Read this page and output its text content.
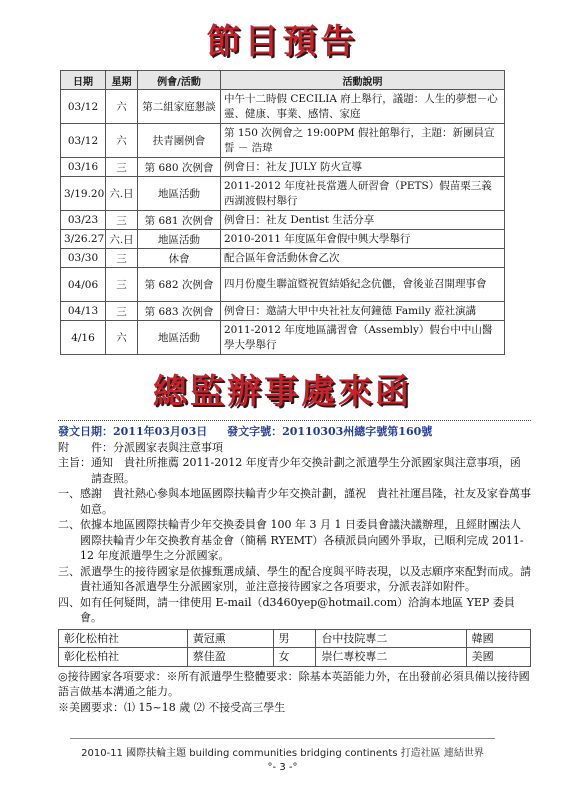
節目預告
日期	星期	例會/活動	活動說明
03/12	六	第二組家庭懇談	中午十二時假 CECILIA 府上舉行，議題：人生的夢想－心靈、健康、事業、感情、家庭
03/12	六	扶青團例會	第 150 次例會之 19:00PM 假社館舉行，主題：新團員宣誓 － 浩瑋
03/16	三	第 680 次例會	例會日：社友 JULY 防火宣導
3/19.20	六.日	地區活動	2011-2012 年度社長當選人研習會（PETS）假苗栗三義西湖渡假村舉行
03/23	三	第 681 次例會	例會日：社友 Dentist 生活分享
3/26.27	六.日	地區活動	2010-2011 年度區年會假中興大學舉行
03/30	三	休會	配合區年會活動休會乙次
04/06	三	第 682 次例會	四月份慶生聯誼暨祝賀結婚紀念伉儷，會後並召開理事會
04/13	三	第 683 次例會	例會日：邀請大甲中央社社友何鐘德 Family 蒞社演講
4/16	六	地區活動	2011-2012 年度地區講習會（Assembly）假台中中山醫學大學舉行
總監辦事處來函
發文日期：2011年03月03日 發文字號：20110303州總字號第160號
附　　件： 分派國家表與注意事項
主旨： 通知　貴社所推薦 2011-2012 年度青少年交換計劃之派遣學生分派國家與注意事項，函請查照。
一、 感謝　貴社熱心參與本地區國際扶輪青少年交換計劃，謹祝　貴社社運昌隆，社友及家眷萬事如意。
二、 依據本地區國際扶輪青少年交換委員會 100 年 3 月 1 日委員會議決議辦理，且經財團法人國際扶輪青少年交換教育基金會（簡稱 RYEMT）各積派員向國外爭取，已順利完成 2011-12 年度派遣學生之分派國家。
三、 派遣學生的接待國家是依據甄選成績、學生的配合度與平時表現，以及志願序來配對而成。請　貴社通知各派遣學生分派國家別，並注意接待國家之各項要求，分派表詳如附件。
四、 如有任何疑問，請一律使用 E-mail（d3460yep@hotmail.com）洽詢本地區 YEP 委員會。
彰化松柏社	黃冠熏	男	台中技院專二	韓國
彰化松柏社	蔡佳盈	女	崇仁專校專二	美國
◎接待國家各項要求：※所有派遣學生整體要求：除基本英語能力外，在出發前必須具備以接待國語言做基本溝通之能力。
※美國要求：⑴ 15~18 歲 ⑵ 不接受高三學生
2010-11 國際扶輪主題 building communities bridging continents 打造社區 連結世界
°- 3 -°
